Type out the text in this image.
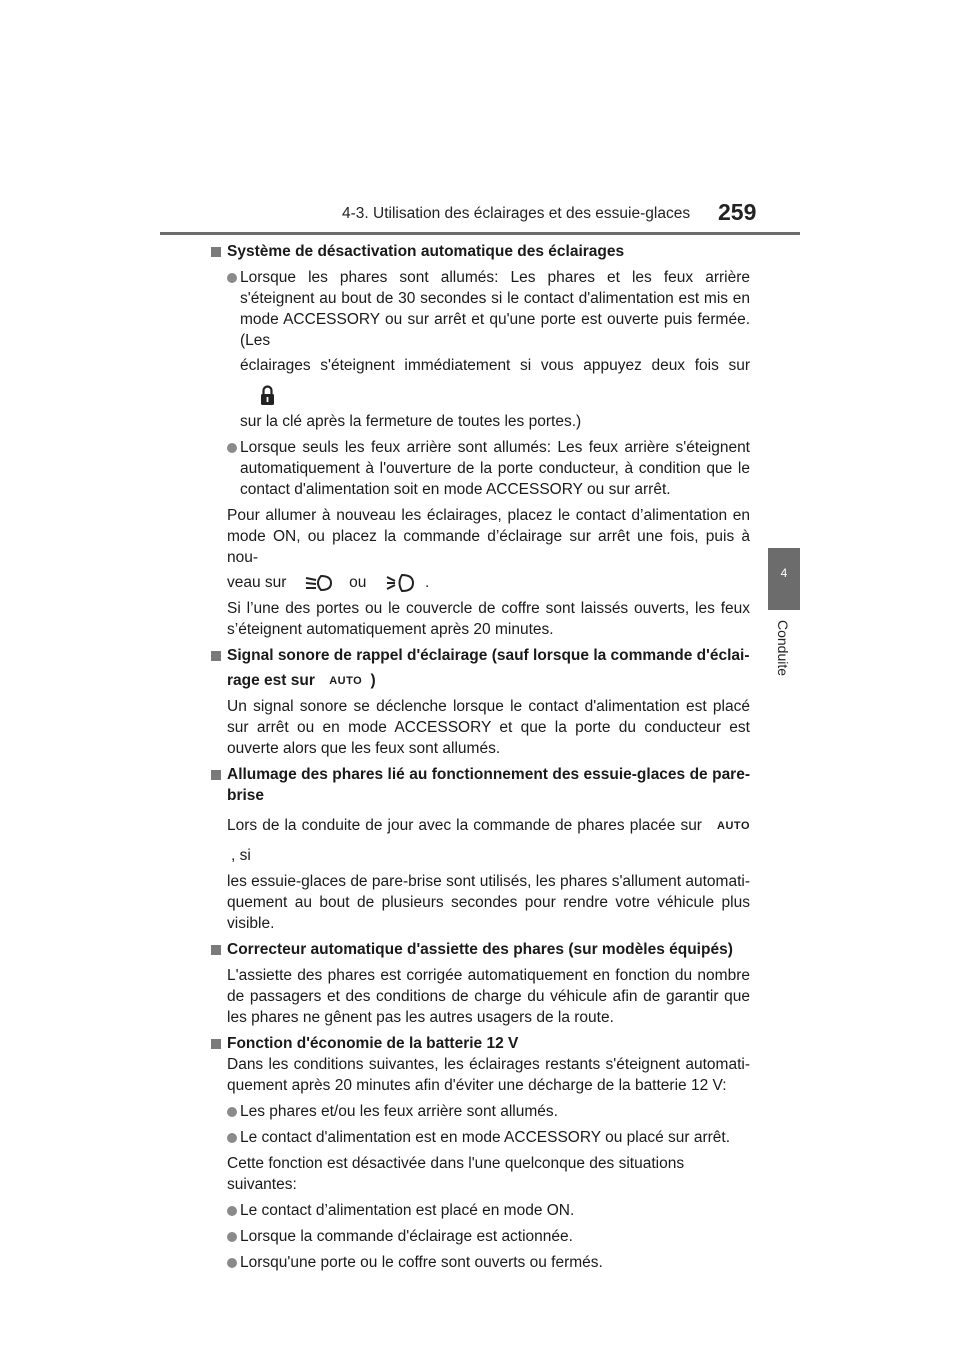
4-3. Utilisation des éclairages et des essuie-glaces 259
4
Conduite
Système de désactivation automatique des éclairages
Lorsque les phares sont allumés: Les phares et les feux arrière s'éteignent au bout de 30 secondes si le contact d'alimentation est mis en mode ACCESSORY ou sur arrêt et qu'une porte est ouverte puis fermée. (Les
éclairages s'éteignent immédiatement si vous appuyez deux fois sur
sur la clé après la fermeture de toutes les portes.)
Lorsque seuls les feux arrière sont allumés: Les feux arrière s'éteignent automatiquement à l'ouverture de la porte conducteur, à condition que le contact d'alimentation soit en mode ACCESSORY ou sur arrêt.
Pour allumer à nouveau les éclairages, placez le contact d’alimentation en mode ON, ou placez la commande d’éclairage sur arrêt une fois, puis à nou-
veau sur	ou	.
Si l’une des portes ou le couvercle de coffre sont laissés ouverts, les feux s’éteignent automatiquement après 20 minutes.
Signal sonore de rappel d'éclairage (sauf lorsque la commande d'éclai-
rage est sur AUTO )
Un signal sonore se déclenche lorsque le contact d'alimentation est placé sur arrêt ou en mode ACCESSORY et que la porte du conducteur est ouverte alors que les feux sont allumés.
Allumage des phares lié au fonctionnement des essuie-glaces de pare-brise
Lors de la conduite de jour avec la commande de phares placée sur AUTO , si
les essuie-glaces de pare-brise sont utilisés, les phares s'allument automati-quement au bout de plusieurs secondes pour rendre votre véhicule plus visible.
Correcteur automatique d'assiette des phares (sur modèles équipés)
L'assiette des phares est corrigée automatiquement en fonction du nombre de passagers et des conditions de charge du véhicule afin de garantir que les phares ne gênent pas les autres usagers de la route.
Fonction d'économie de la batterie 12 V
Dans les conditions suivantes, les éclairages restants s'éteignent automati-quement après 20 minutes afin d'éviter une décharge de la batterie 12 V:
Les phares et/ou les feux arrière sont allumés.
Le contact d'alimentation est en mode ACCESSORY ou placé sur arrêt.
Cette fonction est désactivée dans l'une quelconque des situations suivantes:
Le contact d’alimentation est placé en mode ON.
Lorsque la commande d'éclairage est actionnée.
Lorsqu'une porte ou le coffre sont ouverts ou fermés.
